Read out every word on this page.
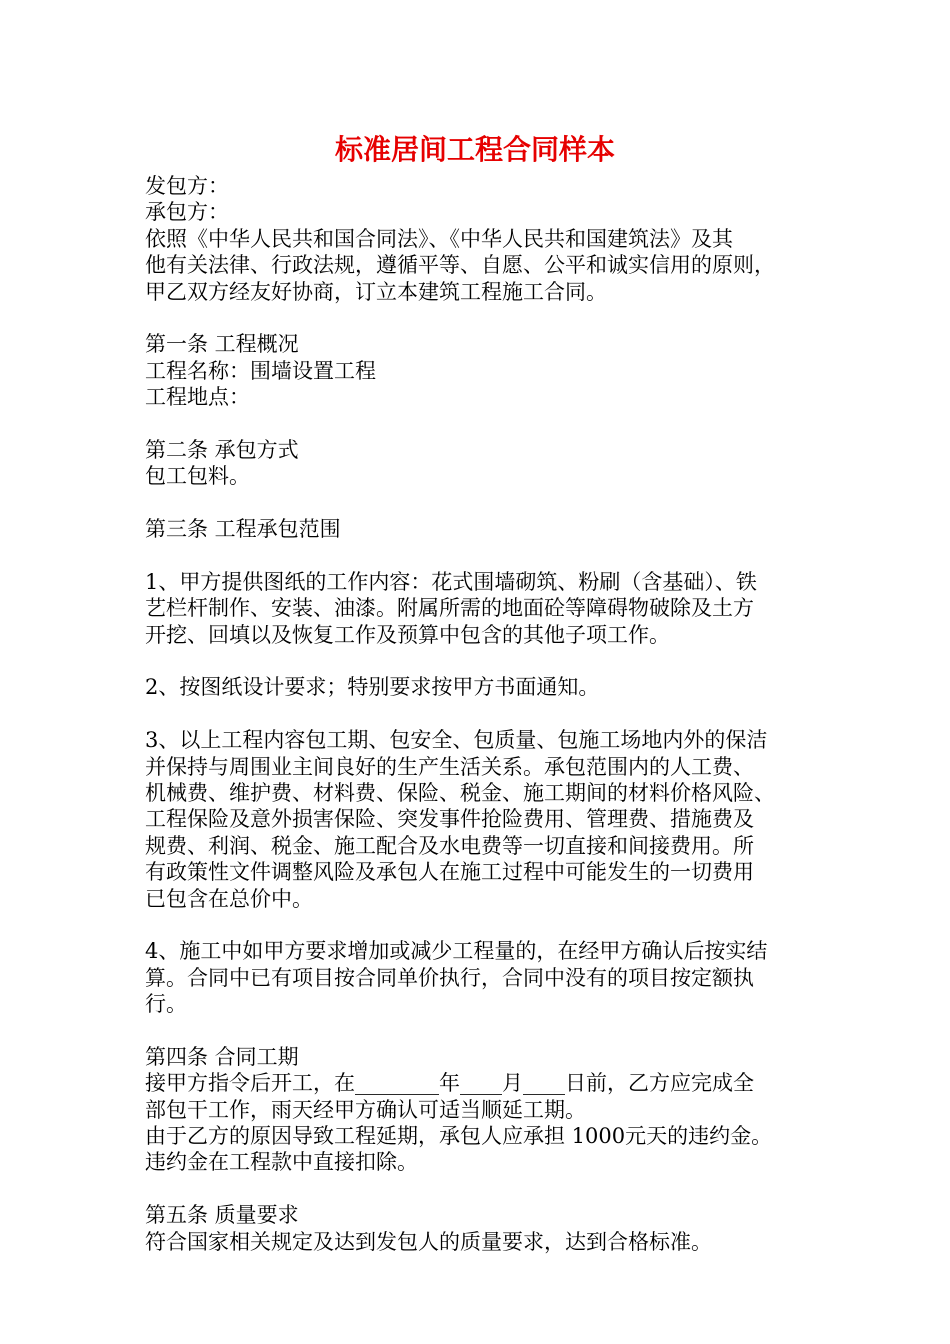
标准居间工程合同样本
发包方：
承包方：
依照《中华人民共和国合同法》、《中华人民共和国建筑法》及其
他有关法律、行政法规，遵循平等、自愿、公平和诚实信用的原则，
甲乙双方经友好协商，订立本建筑工程施工合同。
第一条 工程概况
工程名称：围墙设置工程
工程地点：
第二条 承包方式
包工包料。
第三条 工程承包范围
1、甲方提供图纸的工作内容：花式围墙砌筑、粉刷（含基础）、铁
艺栏杆制作、安装、油漆。附属所需的地面砼等障碍物破除及土方
开挖、回填以及恢复工作及预算中包含的其他子项工作。
2、按图纸设计要求；特别要求按甲方书面通知。
3、以上工程内容包工期、包安全、包质量、包施工场地内外的保洁
并保持与周围业主间良好的生产生活关系。承包范围内的人工费、
机械费、维护费、材料费、保险、税金、施工期间的材料价格风险、
工程保险及意外损害保险、突发事件抢险费用、管理费、措施费及
规费、利润、税金、施工配合及水电费等一切直接和间接费用。所
有政策性文件调整风险及承包人在施工过程中可能发生的一切费用
已包含在总价中。
4、施工中如甲方要求增加或减少工程量的，在经甲方确认后按实结
算。合同中已有项目按合同单价执行，合同中没有的项目按定额执
行。
第四条 合同工期
接甲方指令后开工，在________年____月____日前，乙方应完成全
部包干工作，雨天经甲方确认可适当顺延工期。
由于乙方的原因导致工程延期，承包人应承担 1000元天的违约金。
违约金在工程款中直接扣除。
第五条 质量要求
符合国家相关规定及达到发包人的质量要求，达到合格标准。
